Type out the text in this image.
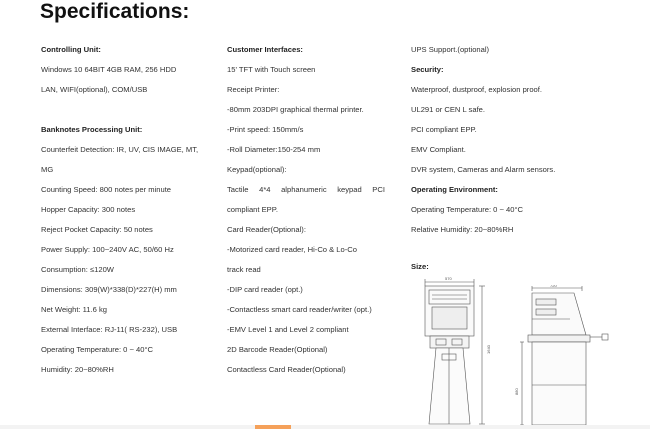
Specifications:
Controlling Unit:
Windows 10 64BIT 4GB RAM, 256 HDD
LAN, WIFI(optional), COM/USB
Banknotes Processing Unit:
Counterfeit Detection: IR, UV, CIS IMAGE, MT,
MG
Counting Speed: 800 notes per minute
Hopper Capacity: 300 notes
Reject Pocket Capacity: 50 notes
Power Supply: 100~240V AC, 50/60 Hz
Consumption: ≤120W
Dimensions: 309(W)*338(D)*227(H) mm
Net Weight: 11.6 kg
External Interface: RJ-11( RS-232), USB
Operating Temperature: 0 ~ 40°C
Humidity: 20~80%RH
Customer Interfaces:
15' TFT with Touch screen
Receipt Printer:
-80mm 203DPI graphical thermal printer.
-Print speed: 150mm/s
-Roll Diameter:150-254 mm
Keypad(optional):
Tactile 4*4 alphanumeric keypad PCI
compliant EPP.
Card Reader(Optional):
-Motorized card reader, Hi-Co & Lo-Co
track read
-DIP card reader (opt.)
-Contactless smart card reader/writer (opt.)
-EMV Level 1 and Level 2 compliant
2D Barcode Reader(Optional)
Contactless Card Reader(Optional)
UPS Support.(optional)
Security:
Waterproof, dustproof, explosion proof.
UL291 or CEN L safe.
PCI compliant EPP.
EMV Compliant.
DVR system, Cameras and Alarm sensors.
Operating Environment:
Operating Temperature: 0 ~ 40°C
Relative Humidity: 20~80%RH
Size:
570
1640
720
880
